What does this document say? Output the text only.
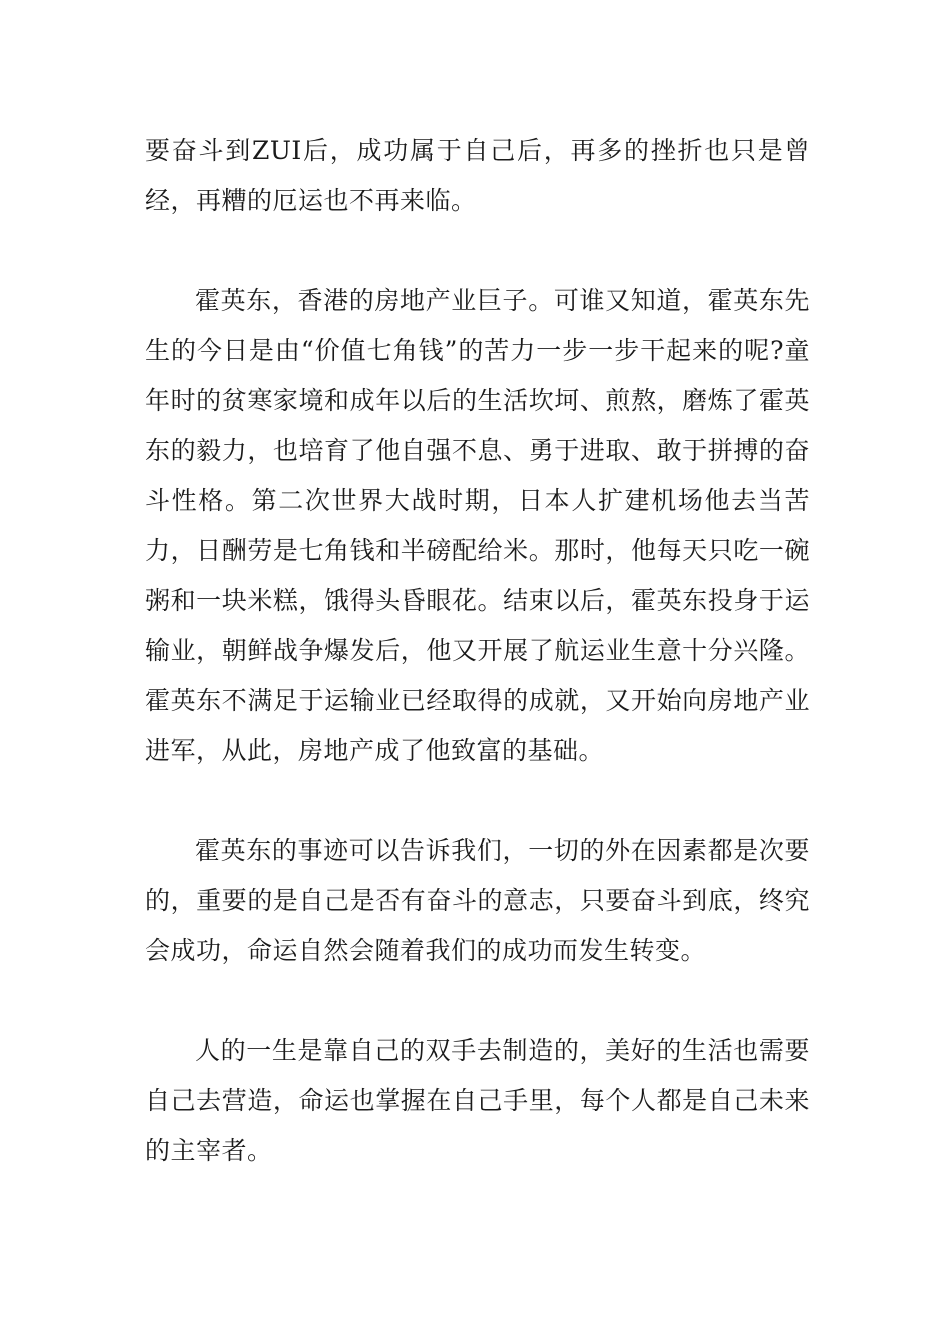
要奋斗到ZUI后，成功属于自己后，再多的挫折也只是曾经，再糟的厄运也不再来临。

霍英东，香港的房地产业巨子。可谁又知道，霍英东先生的今日是由“价值七角钱”的苦力一步一步干起来的呢?童年时的贫寒家境和成年以后的生活坎坷、煎熬，磨炼了霍英东的毅力，也培育了他自强不息、勇于进取、敢于拼搏的奋斗性格。第二次世界大战时期，日本人扩建机场他去当苦力，日酬劳是七角钱和半磅配给米。那时，他每天只吃一碗粥和一块米糕，饿得头昏眼花。结束以后，霍英东投身于运输业，朝鲜战争爆发后，他又开展了航运业生意十分兴隆。霍英东不满足于运输业已经取得的成就，又开始向房地产业进军，从此，房地产成了他致富的基础。

霍英东的事迹可以告诉我们，一切的外在因素都是次要的，重要的是自己是否有奋斗的意志，只要奋斗到底，终究会成功，命运自然会随着我们的成功而发生转变。

人的一生是靠自己的双手去制造的，美好的生活也需要自己去营造，命运也掌握在自己手里，每个人都是自己未来的主宰者。
